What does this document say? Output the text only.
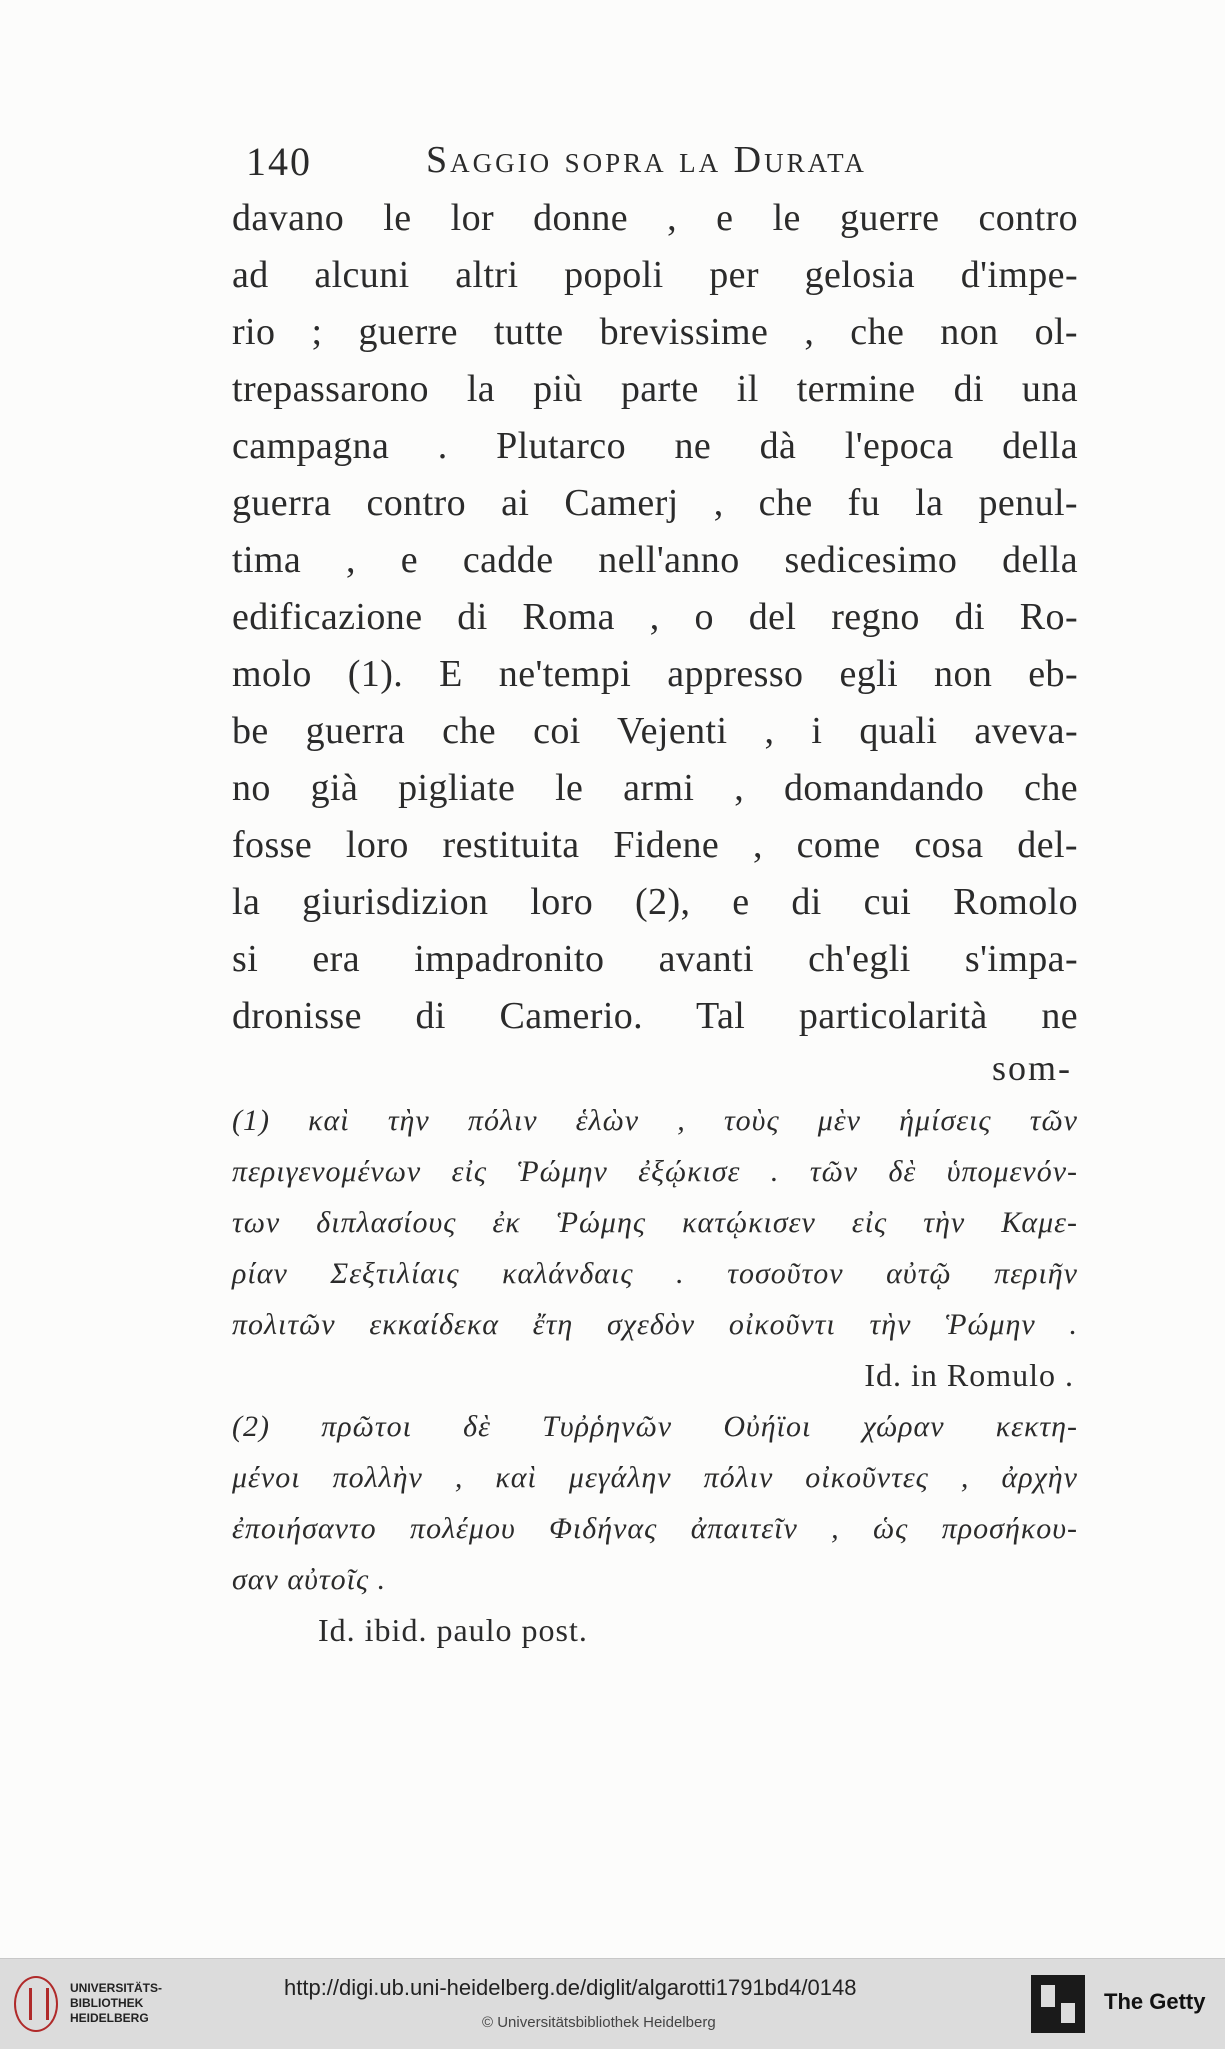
140	Saggio sopra la Durata
davano le lor donne , e le guerre contro
ad alcuni altri popoli per gelosia d'impe-
rio ; guerre tutte brevissime , che non ol-
trepassarono la più parte il termine di una
campagna . Plutarco ne dà l'epoca della
guerra contro ai Camerj , che fu la penul-
tima , e cadde nell'anno sedicesimo della
edificazione di Roma , o del regno di Ro-
molo (1). E ne'tempi appresso egli non eb-
be guerra che coi Vejenti , i quali aveva-
no già pigliate le armi , domandando che
fosse loro restituita Fidene , come cosa del-
la giurisdizion loro (2), e di cui Romolo
si era impadronito avanti ch'egli s'impa-
dronisse di Camerio. Tal particolarità ne
som-
(1) καὶ τὴν πόλιν ἑλὼν , τοὺς μὲν ἡμίσεις τῶν
περιγενομένων εἰς Ῥώμην ἐξῴκισε . τῶν δὲ ὑπομενόν-
των διπλασίους ἐκ Ῥώμης κατῴκισεν εἰς τὴν Καμε-
ρίαν Σεξτιλίαις καλάνδαις . τοσοῦτον αὐτῷ περιῆν
πολιτῶν εκκαίδεκα ἔτη σχεδὸν οἰκοῦντι τὴν Ῥώμην .
Id. in Romulo .
(2) πρῶτοι δὲ Τυῤῥηνῶν Οὐήϊοι χώραν κεκτη-
μένοι πολλὴν , καὶ μεγάλην πόλιν οἰκοῦντες , ἀρχὴν
ἐποιήσαντο πολέμου Φιδήνας ἀπαιτεῖν , ὡς προσήκου-
σαν αὐτοῖς .
Id. ibid. paulo post.
UNIVERSITÄTS-
BIBLIOTHEK
HEIDELBERG
http://digi.ub.uni-heidelberg.de/diglit/algarotti1791bd4/0148
© Universitätsbibliothek Heidelberg
The Getty
